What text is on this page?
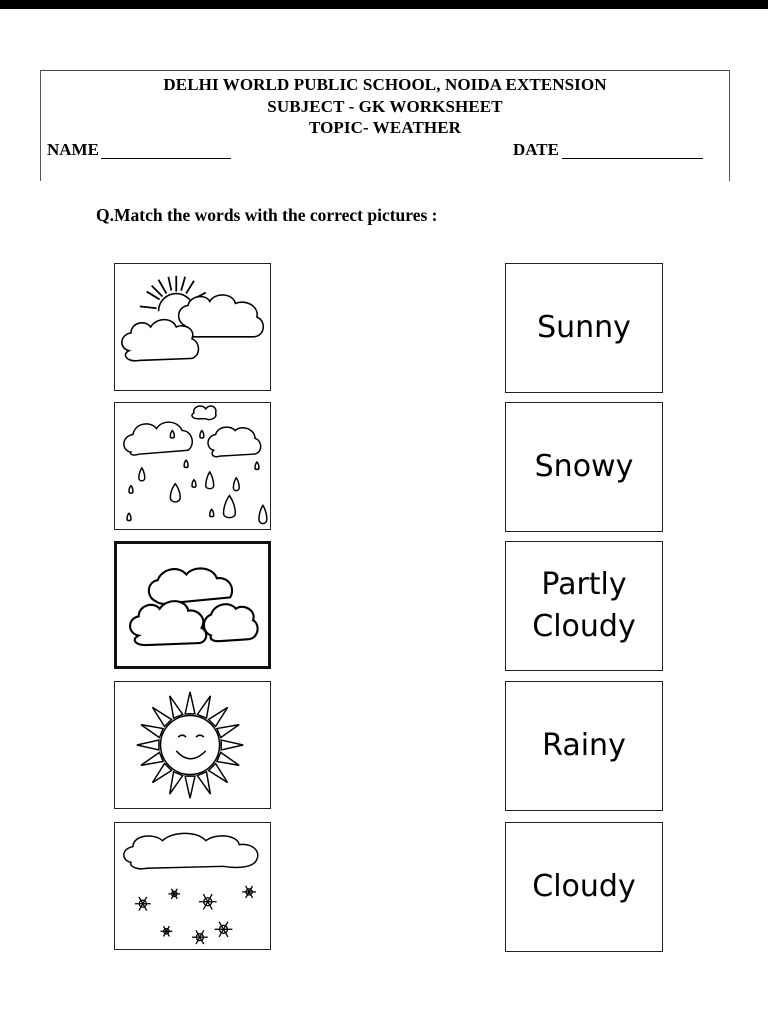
DELHI WORLD PUBLIC SCHOOL, NOIDA EXTENSION
SUBJECT - GK WORKSHEET
TOPIC- WEATHER
NAME	DATE
Q.Match the words with the correct pictures :
Sunny
Snowy
Partly
Cloudy
Rainy
Cloudy
